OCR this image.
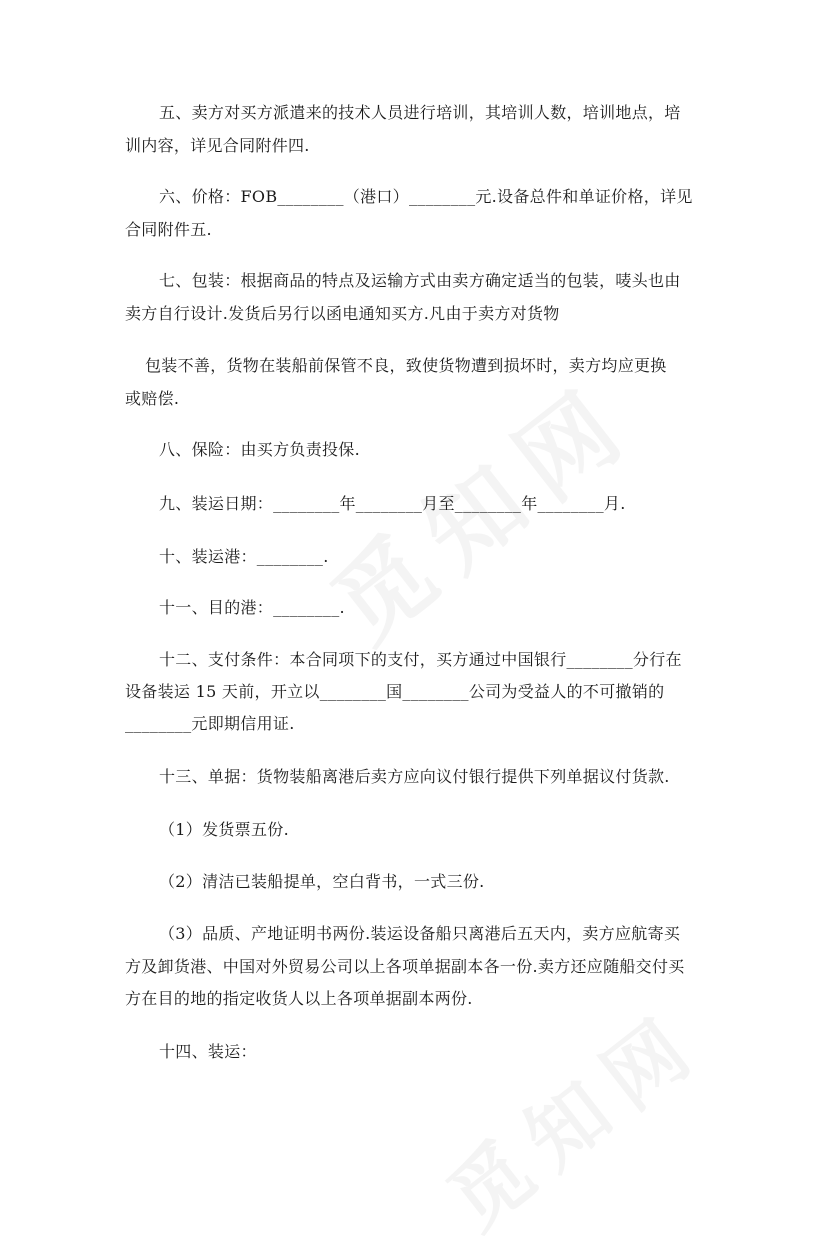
五、卖方对买方派遣来的技术人员进行培训，其培训人数，培训地点，培
训内容，详见合同附件四.
六、价格：FOB________（港口）________元.设备总件和单证价格，详见
合同附件五.
七、包装：根据商品的特点及运输方式由卖方确定适当的包装，唛头也由
卖方自行设计.发货后另行以函电通知买方.凡由于卖方对货物
包装不善，货物在装船前保管不良，致使货物遭到损坏时，卖方均应更换
或赔偿.
八、保险：由买方负责投保.
九、装运日期：________年________月至________年________月.
十、装运港：________.
十一、目的港：________.
十二、支付条件：本合同项下的支付，买方通过中国银行________分行在
设备装运 15 天前，开立以________国________公司为受益人的不可撤销的
________元即期信用证.
十三、单据：货物装船离港后卖方应向议付银行提供下列单据议付货款.
（1）发货票五份.
（2）清洁已装船提单，空白背书，一式三份.
（3）品质、产地证明书两份.装运设备船只离港后五天内，卖方应航寄买
方及卸货港、中国对外贸易公司以上各项单据副本各一份.卖方还应随船交付买
方在目的地的指定收货人以上各项单据副本两份.
十四、装运：
